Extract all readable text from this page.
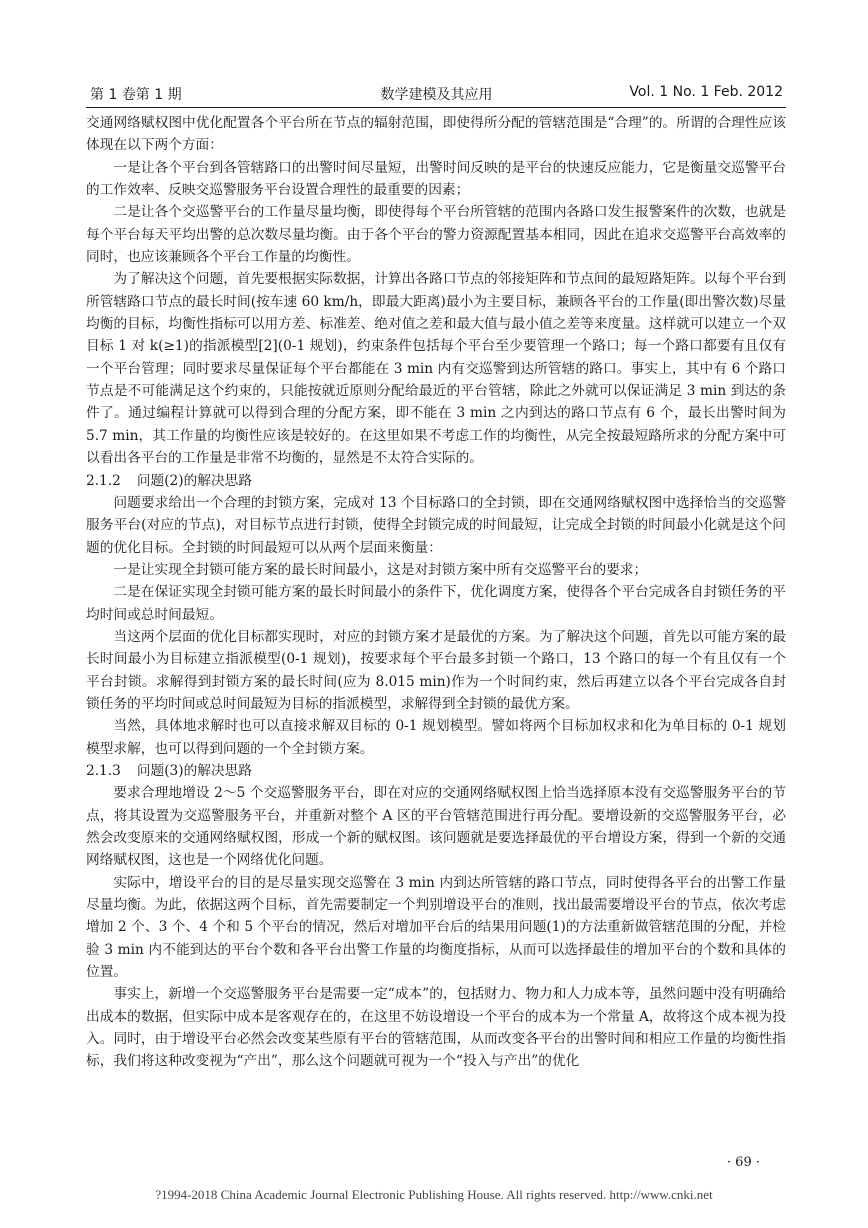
第 1 卷第 1 期	数学建模及其应用	Vol. 1 No. 1 Feb. 2012

交通网络赋权图中优化配置各个平台所在节点的辐射范围，即使得所分配的管辖范围是“合理”的。所谓的合理性应该体现在以下两个方面：

一是让各个平台到各管辖路口的出警时间尽量短，出警时间反映的是平台的快速反应能力，它是衡量交巡警平台的工作效率、反映交巡警服务平台设置合理性的最重要的因素；

二是让各个交巡警平台的工作量尽量均衡，即使得每个平台所管辖的范围内各路口发生报警案件的次数，也就是每个平台每天平均出警的总次数尽量均衡。由于各个平台的警力资源配置基本相同，因此在追求交巡警平台高效率的同时，也应该兼顾各个平台工作量的均衡性。

为了解决这个问题，首先要根据实际数据，计算出各路口节点的邻接矩阵和节点间的最短路矩阵。以每个平台到所管辖路口节点的最长时间(按车速 60 km/h，即最大距离)最小为主要目标，兼顾各平台的工作量(即出警次数)尽量均衡的目标，均衡性指标可以用方差、标准差、绝对值之差和最大值与最小值之差等来度量。这样就可以建立一个双目标 1 对 k(≥1)的指派模型[2](0-1 规划)，约束条件包括每个平台至少要管理一个路口；每一个路口都要有且仅有一个平台管理；同时要求尽量保证每个平台都能在 3 min 内有交巡警到达所管辖的路口。事实上，其中有 6 个路口节点是不可能满足这个约束的，只能按就近原则分配给最近的平台管辖，除此之外就可以保证满足 3 min 到达的条件了。通过编程计算就可以得到合理的分配方案，即不能在 3 min 之内到达的路口节点有 6 个，最长出警时间为 5.7 min，其工作量的均衡性应该是较好的。在这里如果不考虑工作的均衡性，从完全按最短路所求的分配方案中可以看出各平台的工作量是非常不均衡的，显然是不太符合实际的。

2.1.2 问题(2)的解决思路

问题要求给出一个合理的封锁方案，完成对 13 个目标路口的全封锁，即在交通网络赋权图中选择恰当的交巡警服务平台(对应的节点)，对目标节点进行封锁，使得全封锁完成的时间最短，让完成全封锁的时间最小化就是这个问题的优化目标。全封锁的时间最短可以从两个层面来衡量：

一是让实现全封锁可能方案的最长时间最小，这是对封锁方案中所有交巡警平台的要求；

二是在保证实现全封锁可能方案的最长时间最小的条件下，优化调度方案，使得各个平台完成各自封锁任务的平均时间或总时间最短。

当这两个层面的优化目标都实现时，对应的封锁方案才是最优的方案。为了解决这个问题，首先以可能方案的最长时间最小为目标建立指派模型(0-1 规划)，按要求每个平台最多封锁一个路口，13 个路口的每一个有且仅有一个平台封锁。求解得到封锁方案的最长时间(应为 8.015 min)作为一个时间约束，然后再建立以各个平台完成各自封锁任务的平均时间或总时间最短为目标的指派模型，求解得到全封锁的最优方案。

当然，具体地求解时也可以直接求解双目标的 0-1 规划模型。譬如将两个目标加权求和化为单目标的 0-1 规划模型求解，也可以得到问题的一个全封锁方案。

2.1.3 问题(3)的解决思路

要求合理地增设 2～5 个交巡警服务平台，即在对应的交通网络赋权图上恰当选择原本没有交巡警服务平台的节点，将其设置为交巡警服务平台，并重新对整个 A 区的平台管辖范围进行再分配。要增设新的交巡警服务平台，必然会改变原来的交通网络赋权图，形成一个新的赋权图。该问题就是要选择最优的平台增设方案，得到一个新的交通网络赋权图，这也是一个网络优化问题。

实际中，增设平台的目的是尽量实现交巡警在 3 min 内到达所管辖的路口节点，同时使得各平台的出警工作量尽量均衡。为此，依据这两个目标，首先需要制定一个判别增设平台的准则，找出最需要增设平台的节点，依次考虑增加 2 个、3 个、4 个和 5 个平台的情况，然后对增加平台后的结果用问题(1)的方法重新做管辖范围的分配，并检验 3 min 内不能到达的平台个数和各平台出警工作量的均衡度指标，从而可以选择最佳的增加平台的个数和具体的位置。

事实上，新增一个交巡警服务平台是需要一定“成本”的，包括财力、物力和人力成本等，虽然问题中没有明确给出成本的数据，但实际中成本是客观存在的，在这里不妨设增设一个平台的成本为一个常量 A，故将这个成本视为投入。同时，由于增设平台必然会改变某些原有平台的管辖范围，从而改变各平台的出警时间和相应工作量的均衡性指标，我们将这种改变视为“产出”，那么这个问题就可视为一个“投入与产出”的优化

· 69 ·
?1994-2018 China Academic Journal Electronic Publishing House. All rights reserved. http://www.cnki.net
